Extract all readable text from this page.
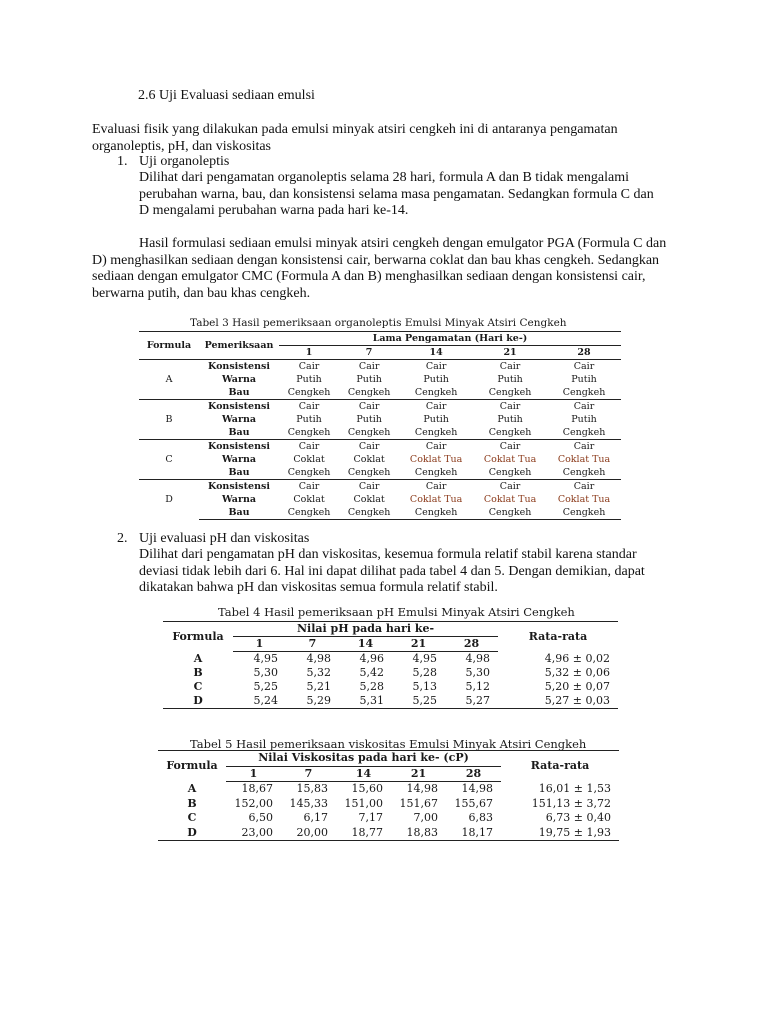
2.6 Uji Evaluasi sediaan emulsi
Evaluasi fisik yang dilakukan pada emulsi minyak atsiri cengkeh ini di antaranya pengamatan organoleptis, pH, dan viskositas
1. Uji organoleptis
Dilihat dari pengamatan organoleptis selama 28 hari, formula A dan B tidak mengalami perubahan warna, bau, dan konsistensi selama masa pengamatan. Sedangkan formula C dan D mengalami perubahan warna pada hari ke-14.
Hasil formulasi sediaan emulsi minyak atsiri cengkeh dengan emulgator PGA (Formula C dan D) menghasilkan sediaan dengan konsistensi cair, berwarna coklat dan bau khas cengkeh. Sedangkan sediaan dengan emulgator CMC (Formula A dan B) menghasilkan sediaan dengan konsistensi cair, berwarna putih, dan bau khas cengkeh.
Tabel 3 Hasil pemeriksaan organoleptis Emulsi Minyak Atsiri Cengkeh
Formula	Pemeriksaan	Lama Pengamatan (Hari ke-)				
		1	7	14	21	28
A	Konsistensi	Cair	Cair	Cair	Cair	Cair
	Warna	Putih	Putih	Putih	Putih	Putih
	Bau	Cengkeh	Cengkeh	Cengkeh	Cengkeh	Cengkeh
B	Konsistensi	Cair	Cair	Cair	Cair	Cair
	Warna	Putih	Putih	Putih	Putih	Putih
	Bau	Cengkeh	Cengkeh	Cengkeh	Cengkeh	Cengkeh
C	Konsistensi	Cair	Cair	Cair	Cair	Cair
	Warna	Coklat	Coklat	Coklat Tua	Coklat Tua	Coklat Tua
	Bau	Cengkeh	Cengkeh	Cengkeh	Cengkeh	Cengkeh
D	Konsistensi	Cair	Cair	Cair	Cair	Cair
	Warna	Coklat	Coklat	Coklat Tua	Coklat Tua	Coklat Tua
	Bau	Cengkeh	Cengkeh	Cengkeh	Cengkeh	Cengkeh
2. Uji evaluasi pH dan viskositas
Dilihat dari pengamatan pH dan viskositas, kesemua formula relatif stabil karena standar deviasi tidak lebih dari 6. Hal ini dapat dilihat pada tabel 4 dan 5. Dengan demikian, dapat dikatakan bahwa pH dan viskositas semua formula relatif stabil.
Tabel 4 Hasil pemeriksaan pH Emulsi Minyak Atsiri Cengkeh
Formula	Nilai pH pada hari ke-					Rata-rata
	1	7	14	21	28	
A	4,95	4,98	4,96	4,95	4,98	4,96 ± 0,02
B	5,30	5,32	5,42	5,28	5,30	5,32 ± 0,06
C	5,25	5,21	5,28	5,13	5,12	5,20 ± 0,07
D	5,24	5,29	5,31	5,25	5,27	5,27 ± 0,03
Tabel 5 Hasil pemeriksaan viskositas Emulsi Minyak Atsiri Cengkeh
Formula	Nilai Viskositas pada hari ke- (cP)					Rata-rata
	1	7	14	21	28	
A	18,67	15,83	15,60	14,98	14,98	16,01 ± 1,53
B	152,00	145,33	151,00	151,67	155,67	151,13 ± 3,72
C	6,50	6,17	7,17	7,00	6,83	6,73 ± 0,40
D	23,00	20,00	18,77	18,83	18,17	19,75 ± 1,93
